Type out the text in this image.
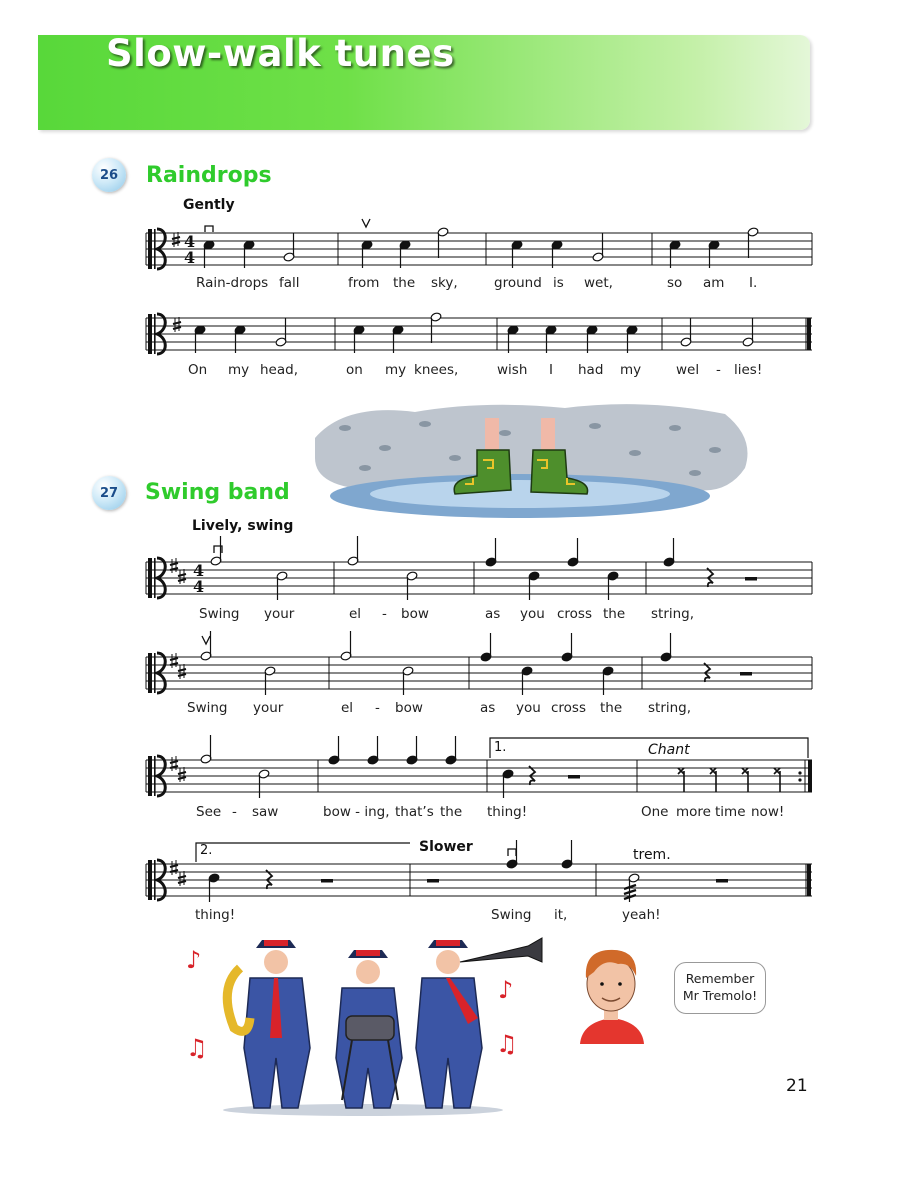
Slow-walk tunes
26	Raindrops
Gently
27	Swing band
Lively, swing
4
4
4
4
Rain-drops fall	from the sky,	ground is wet,	so am I.
On my head,	on my knees,	wish I had my	wel - lies!
Swing your	el - bow	as you cross the string,
Swing your	el - bow	as you cross the string,
1.	Chant
See - saw	bow - ing, that’s the thing!	One more time now!
2.	Slower	trem.
thing!	Swing it,	yeah!
♪
♫
♪
♫
Remember
Mr Tremolo!
21
